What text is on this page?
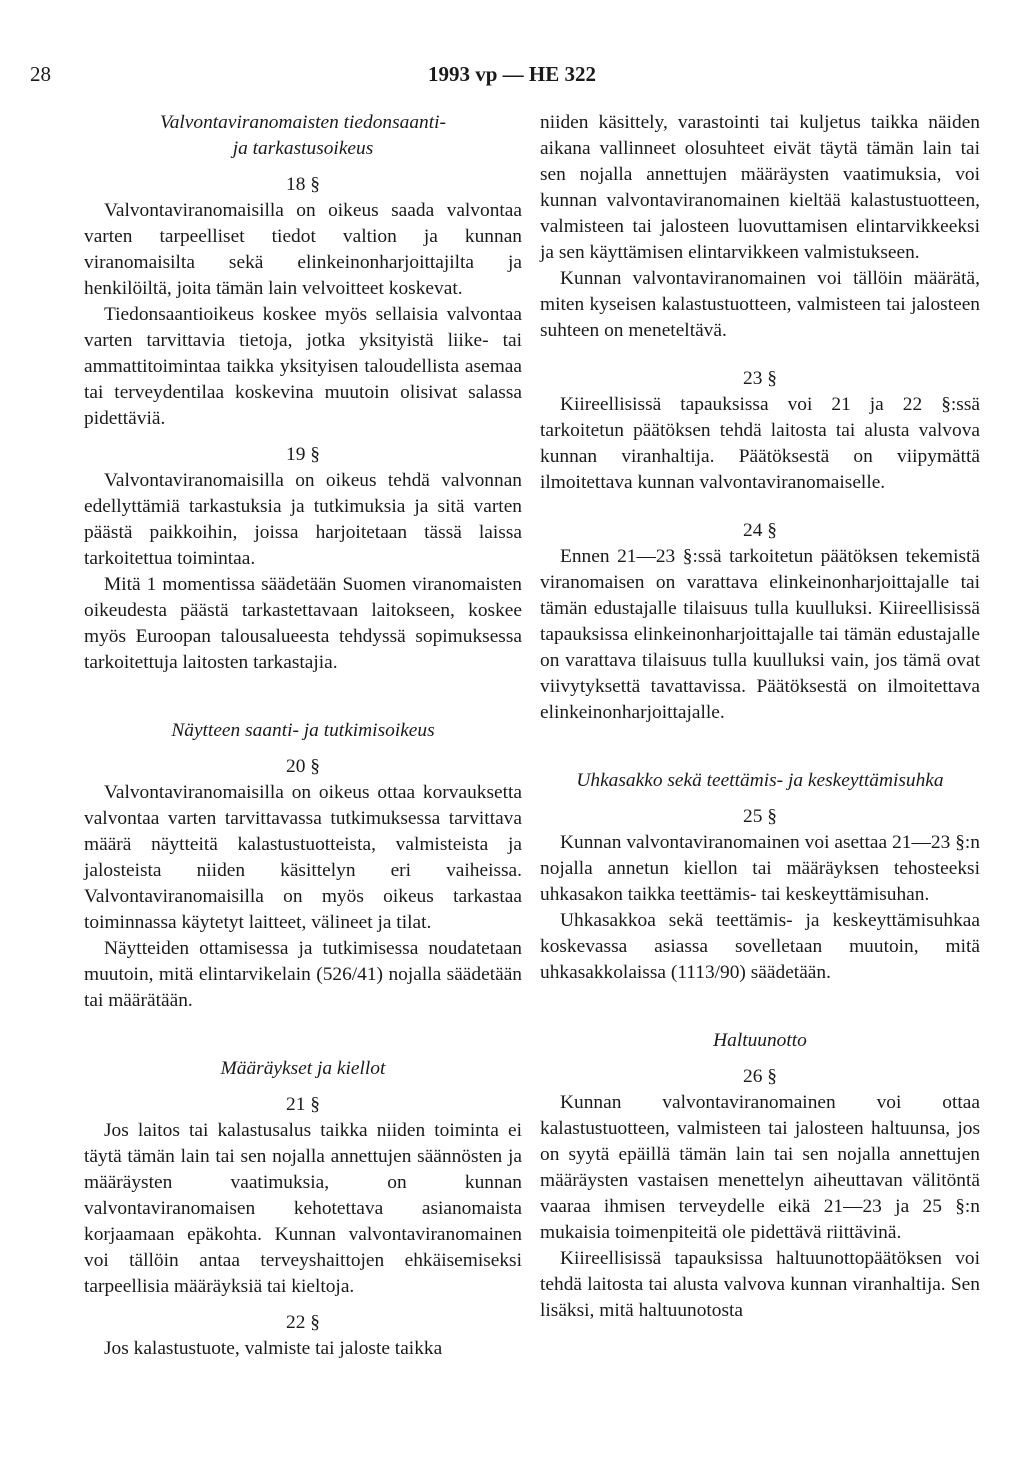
28	1993 vp — HE 322

Valvontaviranomaisten tiedonsaanti-

ja tarkastusoikeus

18 §

Valvontaviranomaisilla on oikeus saada valvontaa varten tarpeelliset tiedot valtion ja kunnan viranomaisilta sekä elinkeinonharjoittajilta ja henkilöiltä, joita tämän lain velvoitteet koskevat.

Tiedonsaantioikeus koskee myös sellaisia valvontaa varten tarvittavia tietoja, jotka yksityistä liike- tai ammattitoimintaa taikka yksityisen taloudellista asemaa tai terveydentilaa koskevina muutoin olisivat salassa pidettäviä.

19 §

Valvontaviranomaisilla on oikeus tehdä valvonnan edellyttämiä tarkastuksia ja tutkimuksia ja sitä varten päästä paikkoihin, joissa harjoitetaan tässä laissa tarkoitettua toimintaa.

Mitä 1 momentissa säädetään Suomen viranomaisten oikeudesta päästä tarkastettavaan laitokseen, koskee myös Euroopan talousalueesta tehdyssä sopimuksessa tarkoitettuja laitosten tarkastajia.

Näytteen saanti- ja tutkimisoikeus

20 §

Valvontaviranomaisilla on oikeus ottaa korvauksetta valvontaa varten tarvittavassa tutkimuksessa tarvittava määrä näytteitä kalastustuotteista, valmisteista ja jalosteista niiden käsittelyn eri vaiheissa. Valvontaviranomaisilla on myös oikeus tarkastaa toiminnassa käytetyt laitteet, välineet ja tilat.

Näytteiden ottamisessa ja tutkimisessa noudatetaan muutoin, mitä elintarvikelain (526/41) nojalla säädetään tai määrätään.

Määräykset ja kiellot

21 §

Jos laitos tai kalastusalus taikka niiden toiminta ei täytä tämän lain tai sen nojalla annettujen säännösten ja määräysten vaatimuksia, on kunnan valvontaviranomaisen kehotettava asianomaista korjaamaan epäkohta. Kunnan valvontaviranomainen voi tällöin antaa terveyshaittojen ehkäisemiseksi tarpeellisia määräyksiä tai kieltoja.

22 §

Jos kalastustuote, valmiste tai jaloste taikka

niiden käsittely, varastointi tai kuljetus taikka näiden aikana vallinneet olosuhteet eivät täytä tämän lain tai sen nojalla annettujen määräysten vaatimuksia, voi kunnan valvontaviranomainen kieltää kalastustuotteen, valmisteen tai jalosteen luovuttamisen elintarvikkeeksi ja sen käyttämisen elintarvikkeen valmistukseen.

Kunnan valvontaviranomainen voi tällöin määrätä, miten kyseisen kalastustuotteen, valmisteen tai jalosteen suhteen on meneteltävä.

23 §

Kiireellisissä tapauksissa voi 21 ja 22 §:ssä tarkoitetun päätöksen tehdä laitosta tai alusta valvova kunnan viranhaltija. Päätöksestä on viipymättä ilmoitettava kunnan valvontaviranomaiselle.

24 §

Ennen 21—23 §:ssä tarkoitetun päätöksen tekemistä viranomaisen on varattava elinkeinonharjoittajalle tai tämän edustajalle tilaisuus tulla kuulluksi. Kiireellisissä tapauksissa elinkeinonharjoittajalle tai tämän edustajalle on varattava tilaisuus tulla kuulluksi vain, jos tämä ovat viivytyksettä tavattavissa. Päätöksestä on ilmoitettava elinkeinonharjoittajalle.

Uhkasakko sekä teettämis- ja keskeyttämisuhka

25 §

Kunnan valvontaviranomainen voi asettaa 21—23 §:n nojalla annetun kiellon tai määräyksen tehosteeksi uhkasakon taikka teettämis- tai keskeyttämisuhan.

Uhkasakkoa sekä teettämis- ja keskeyttämisuhkaa koskevassa asiassa sovelletaan muutoin, mitä uhkasakkolaissa (1113/90) säädetään.

Haltuunotto

26 §

Kunnan valvontaviranomainen voi ottaa kalastustuotteen, valmisteen tai jalosteen haltuunsa, jos on syytä epäillä tämän lain tai sen nojalla annettujen määräysten vastaisen menettelyn aiheuttavan välitöntä vaaraa ihmisen terveydelle eikä 21—23 ja 25 §:n mukaisia toimenpiteitä ole pidettävä riittävinä.

Kiireellisissä tapauksissa haltuunottopäätöksen voi tehdä laitosta tai alusta valvova kunnan viranhaltija. Sen lisäksi, mitä haltuunotosta
